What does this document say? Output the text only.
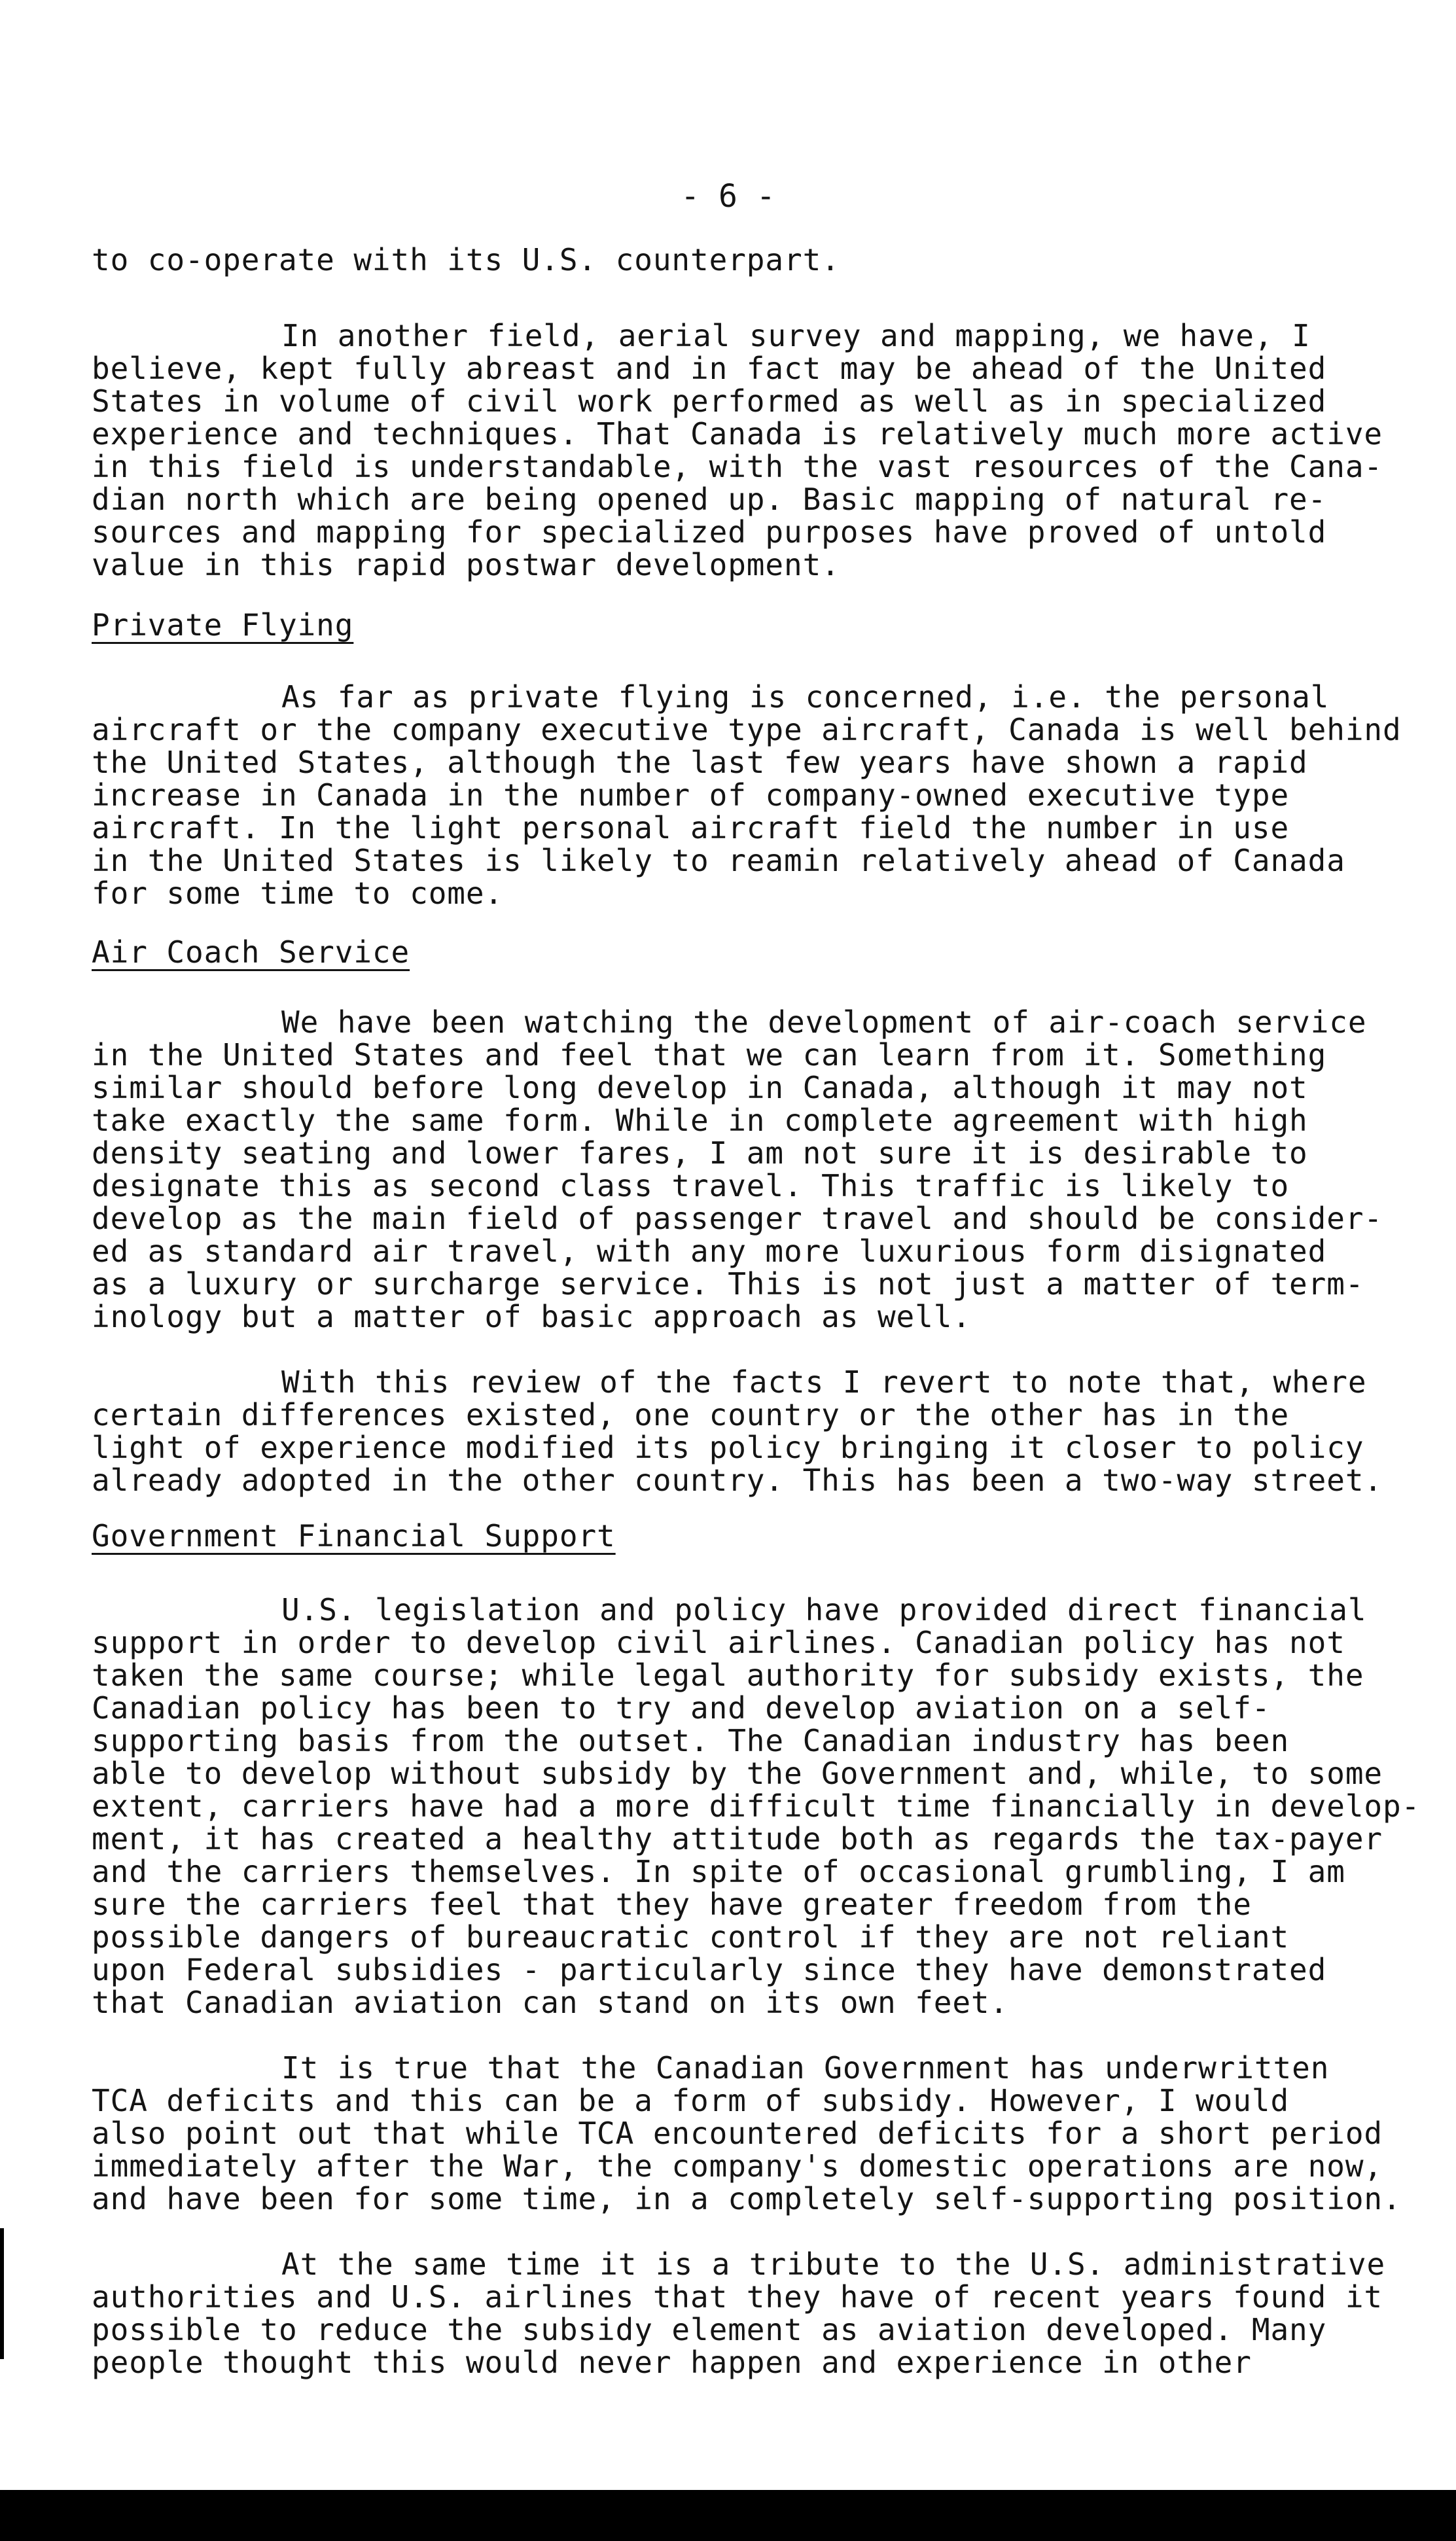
- 6 -
to co-operate with its U.S. counterpart.
In another field, aerial survey and mapping, we have, I
believe, kept fully abreast and in fact may be ahead of the United
States in volume of civil work performed as well as in specialized
experience and techniques. That Canada is relatively much more active
in this field is understandable, with the vast resources of the Cana-
dian north which are being opened up. Basic mapping of natural re-
sources and mapping for specialized purposes have proved of untold
value in this rapid postwar development.
As far as private flying is concerned, i.e. the personal
aircraft or the company executive type aircraft, Canada is well behind
the United States, although the last few years have shown a rapid
increase in Canada in the number of company-owned executive type
aircraft. In the light personal aircraft field the number in use
in the United States is likely to reamin relatively ahead of Canada
for some time to come.
We have been watching the development of air-coach service
in the United States and feel that we can learn from it. Something
similar should before long develop in Canada, although it may not
take exactly the same form. While in complete agreement with high
density seating and lower fares, I am not sure it is desirable to
designate this as second class travel. This traffic is likely to
develop as the main field of passenger travel and should be consider-
ed as standard air travel, with any more luxurious form disignated
as a luxury or surcharge service. This is not just a matter of term-
inology but a matter of basic approach as well.
With this review of the facts I revert to note that, where
certain differences existed, one country or the other has in the
light of experience modified its policy bringing it closer to policy
already adopted in the other country. This has been a two-way street.
U.S. legislation and policy have provided direct financial
support in order to develop civil airlines. Canadian policy has not
taken the same course; while legal authority for subsidy exists, the
Canadian policy has been to try and develop aviation on a self-
supporting basis from the outset. The Canadian industry has been
able to develop without subsidy by the Government and, while, to some
extent, carriers have had a more difficult time financially in develop-
ment, it has created a healthy attitude both as regards the tax-payer
and the carriers themselves. In spite of occasional grumbling, I am
sure the carriers feel that they have greater freedom from the
possible dangers of bureaucratic control if they are not reliant
upon Federal subsidies - particularly since they have demonstrated
that Canadian aviation can stand on its own feet.
It is true that the Canadian Government has underwritten
TCA deficits and this can be a form of subsidy. However, I would
also point out that while TCA encountered deficits for a short period
immediately after the War, the company's domestic operations are now,
and have been for some time, in a completely self-supporting position.
At the same time it is a tribute to the U.S. administrative
authorities and U.S. airlines that they have of recent years found it
possible to reduce the subsidy element as aviation developed. Many
people thought this would never happen and experience in other
Private Flying
Air Coach Service
Government Financial Support
